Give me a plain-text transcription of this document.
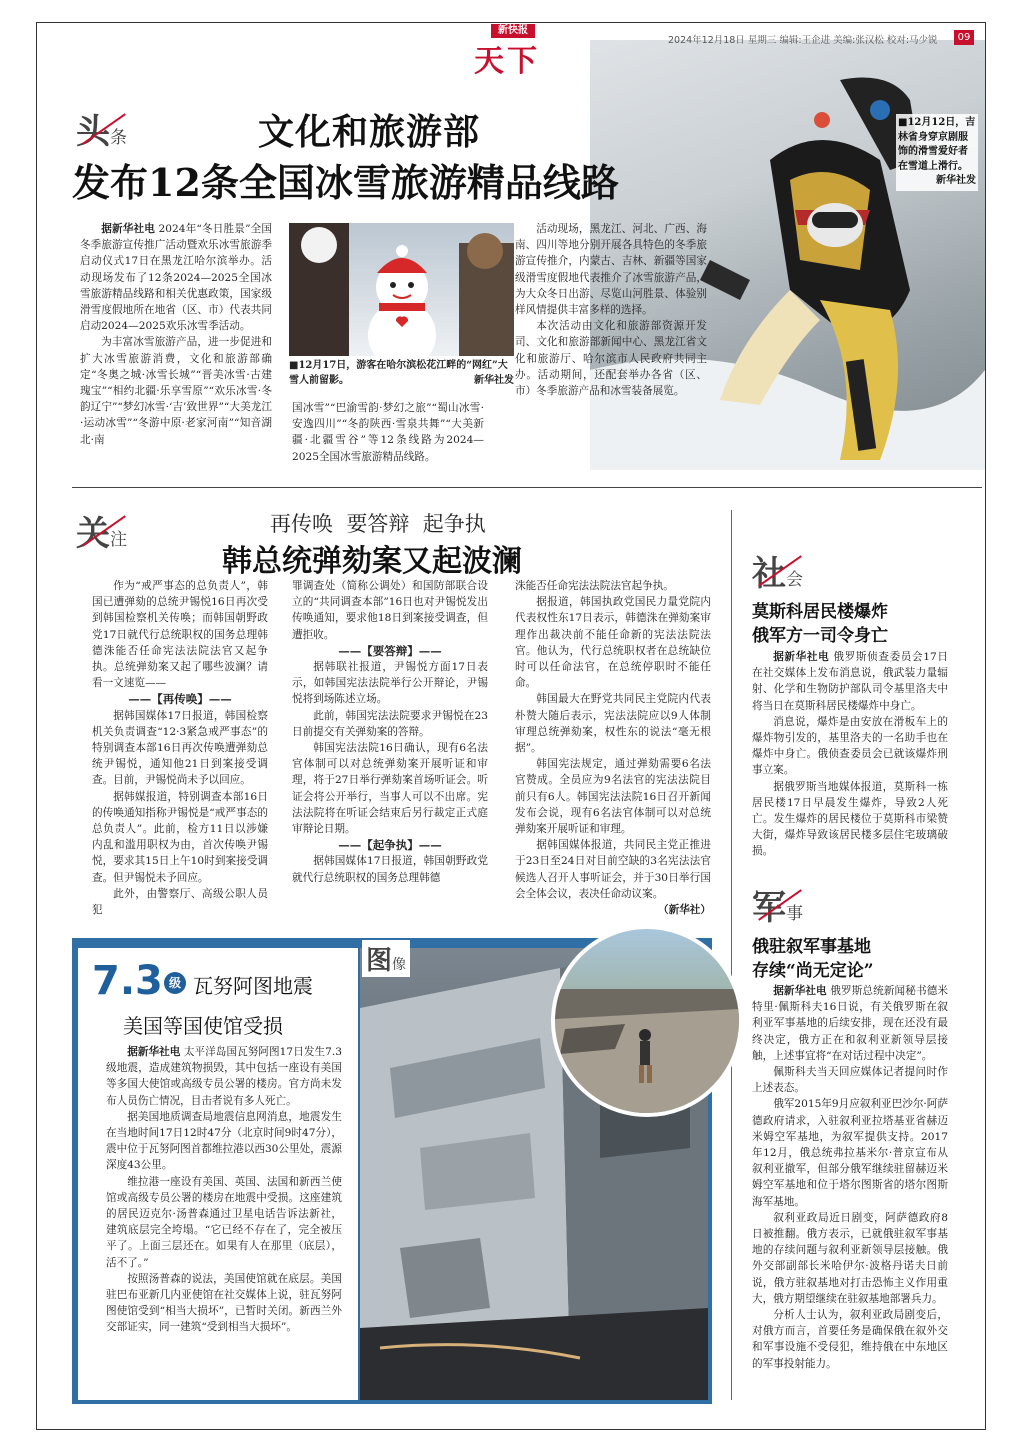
新快报
天下
2024年12月18日 星期三 编辑:王企进 美编:张汉松 校对:马少锐	09
■12月12日，吉林省身穿京剧服饰的滑雪爱好者在雪道上滑行。
新华社发
头条	文化和旅游部
发布12条全国冰雪旅游精品线路

据新华社电 2024年“冬日胜景”全国冬季旅游宣传推广活动暨欢乐冰雪旅游季启动仪式17日在黑龙江哈尔滨举办。活动现场发布了12条2024—2025全国冰雪旅游精品线路和相关优惠政策，国家级滑雪度假地所在地省（区、市）代表共同启动2024—2025欢乐冰雪季活动。

为丰富冰雪旅游产品，进一步促进和扩大冰雪旅游消费，文化和旅游部确定“冬奥之城·冰雪长城”“晋美冰雪·古建瑰宝”“相约北疆·乐享雪原”“欢乐冰雪·冬韵辽宁”“梦幻冰雪·‘吉’致世界”“大美龙江·运动冰雪”“冬游中原·老家河南”“知音湖北·南

■12月17日，游客在哈尔滨松花江畔的“网红”大雪人前留影。	新华社发

国冰雪”“巴渝雪韵·梦幻之旅”“蜀山冰雪·安逸四川”“冬韵陕西·雪泉共舞”“大美新疆·北疆雪谷”等12条线路为2024—2025全国冰雪旅游精品线路。

活动现场，黑龙江、河北、广西、海南、四川等地分别开展各具特色的冬季旅游宣传推介，内蒙古、吉林、新疆等国家级滑雪度假地代表推介了冰雪旅游产品，为大众冬日出游、尽览山河胜景、体验别样风情提供丰富多样的选择。

本次活动由文化和旅游部资源开发司、文化和旅游部新闻中心、黑龙江省文化和旅游厅、哈尔滨市人民政府共同主办。活动期间，还配套举办各省（区、市）冬季旅游产品和冰雪装备展览。

关注
再传唤  要答辩  起争执
韩总统弹劾案又起波澜

作为“戒严事态的总负责人”，韩国已遭弹劾的总统尹锡悦16日再次受到韩国检察机关传唤；而韩国朝野政党17日就代行总统职权的国务总理韩德洙能否任命宪法法院法官又起争执。总统弹劾案又起了哪些波澜？请看一文速览——

——【再传唤】——

据韩国媒体17日报道，韩国检察机关负责调查“12·3紧急戒严事态”的特别调查本部16日再次传唤遭弹劾总统尹锡悦，通知他21日到案接受调查。目前，尹锡悦尚未予以回应。

据韩媒报道，特别调查本部16日的传唤通知指称尹锡悦是“戒严事态的总负责人”。此前，检方11日以涉嫌内乱和滥用职权为由，首次传唤尹锡悦，要求其15日上午10时到案接受调查。但尹锡悦未予回应。

此外，由警察厅、高级公职人员犯

罪调查处（简称公调处）和国防部联合设立的“共同调查本部”16日也对尹锡悦发出传唤通知，要求他18日到案接受调查，但遭拒收。

——【要答辩】——

据韩联社报道，尹锡悦方面17日表示，如韩国宪法法院举行公开辩论，尹锡悦将到场陈述立场。

此前，韩国宪法法院要求尹锡悦在23日前提交有关弹劾案的答辩。

韩国宪法法院16日确认，现有6名法官体制可以对总统弹劾案开展听证和审理，将于27日举行弹劾案首场听证会。听证会将公开举行，当事人可以不出席。宪法法院将在听证会结束后另行裁定正式庭审辩论日期。

——【起争执】——

据韩国媒体17日报道，韩国朝野政党就代行总统职权的国务总理韩德

洙能否任命宪法法院法官起争执。

据报道，韩国执政党国民力量党院内代表权性东17日表示，韩德洙在弹劾案审理作出裁决前不能任命新的宪法法院法官。他认为，代行总统职权者在总统缺位时可以任命法官，在总统停职时不能任命。

韩国最大在野党共同民主党院内代表朴赞大随后表示，宪法法院应以9人体制审理总统弹劾案，权性东的说法“毫无根据”。

韩国宪法规定，通过弹劾需要6名法官赞成。全员应为9名法官的宪法法院目前只有6人。韩国宪法法院16日召开新闻发布会说，现有6名法官体制可以对总统弹劾案开展听证和审理。

据韩国媒体报道，共同民主党正推进于23日至24日对目前空缺的3名宪法法官候选人召开人事听证会，并于30日举行国会全体会议，表决任命动议案。

（新华社）

社会
莫斯科居民楼爆炸
俄军方一司令身亡

据新华社电 俄罗斯侦查委员会17日在社交媒体上发布消息说，俄武装力量辐射、化学和生物防护部队司令基里洛夫中将当日在莫斯科居民楼爆炸中身亡。

消息说，爆炸是由安放在滑板车上的爆炸物引发的，基里洛夫的一名助手也在爆炸中身亡。俄侦查委员会已就该爆炸刑事立案。

据俄罗斯当地媒体报道，莫斯科一栋居民楼17日早晨发生爆炸，导致2人死亡。发生爆炸的居民楼位于莫斯科市梁赞大街，爆炸导致该居民楼多层住宅玻璃破损。

军事
俄驻叙军事基地
存续“尚无定论”

据新华社电 俄罗斯总统新闻秘书德米特里·佩斯科夫16日说，有关俄罗斯在叙利亚军事基地的后续安排，现在还没有最终决定，俄方正在和叙利亚新领导层接触，上述事宜将“在对话过程中决定”。

佩斯科夫当天回应媒体记者提问时作上述表态。

俄军2015年9月应叙利亚巴沙尔·阿萨德政府请求，入驻叙利亚拉塔基亚省赫迈米姆空军基地，为叙军提供支持。2017年12月，俄总统弗拉基米尔·普京宣布从叙利亚撤军，但部分俄军继续驻留赫迈米姆空军基地和位于塔尔图斯省的塔尔图斯海军基地。

叙利亚政局近日剧变，阿萨德政府8日被推翻。俄方表示，已就俄驻叙军事基地的存续问题与叙利亚新领导层接触。俄外交部副部长米哈伊尔·波格丹诺夫日前说，俄方驻叙基地对打击恐怖主义作用重大，俄方期望继续在驻叙基地部署兵力。

分析人士认为，叙利亚政局剧变后，对俄方而言，首要任务是确保俄在叙外交和军事设施不受侵犯，维持俄在中东地区的军事投射能力。

7.3 级 瓦努阿图地震
美国等国使馆受损

据新华社电 太平洋岛国瓦努阿图17日发生7.3级地震，造成建筑物损毁，其中包括一座设有美国等多国大使馆或高级专员公署的楼房。官方尚未发布人员伤亡情况，目击者说有多人死亡。

据美国地质调查局地震信息网消息，地震发生在当地时间17日12时47分（北京时间9时47分），震中位于瓦努阿图首都维拉港以西30公里处，震源深度43公里。

维拉港一座设有美国、英国、法国和新西兰使馆或高级专员公署的楼房在地震中受损。这座建筑的居民迈克尔·汤普森通过卫星电话告诉法新社，建筑底层完全垮塌。“它已经不存在了，完全被压平了。上面三层还在。如果有人在那里（底层），活不了。”

按照汤普森的说法，美国使馆就在底层。美国驻巴布亚新几内亚使馆在社交媒体上说，驻瓦努阿图使馆受到“相当大损坏”，已暂时关闭。新西兰外交部证实，同一建筑“受到相当大损坏”。

图像
